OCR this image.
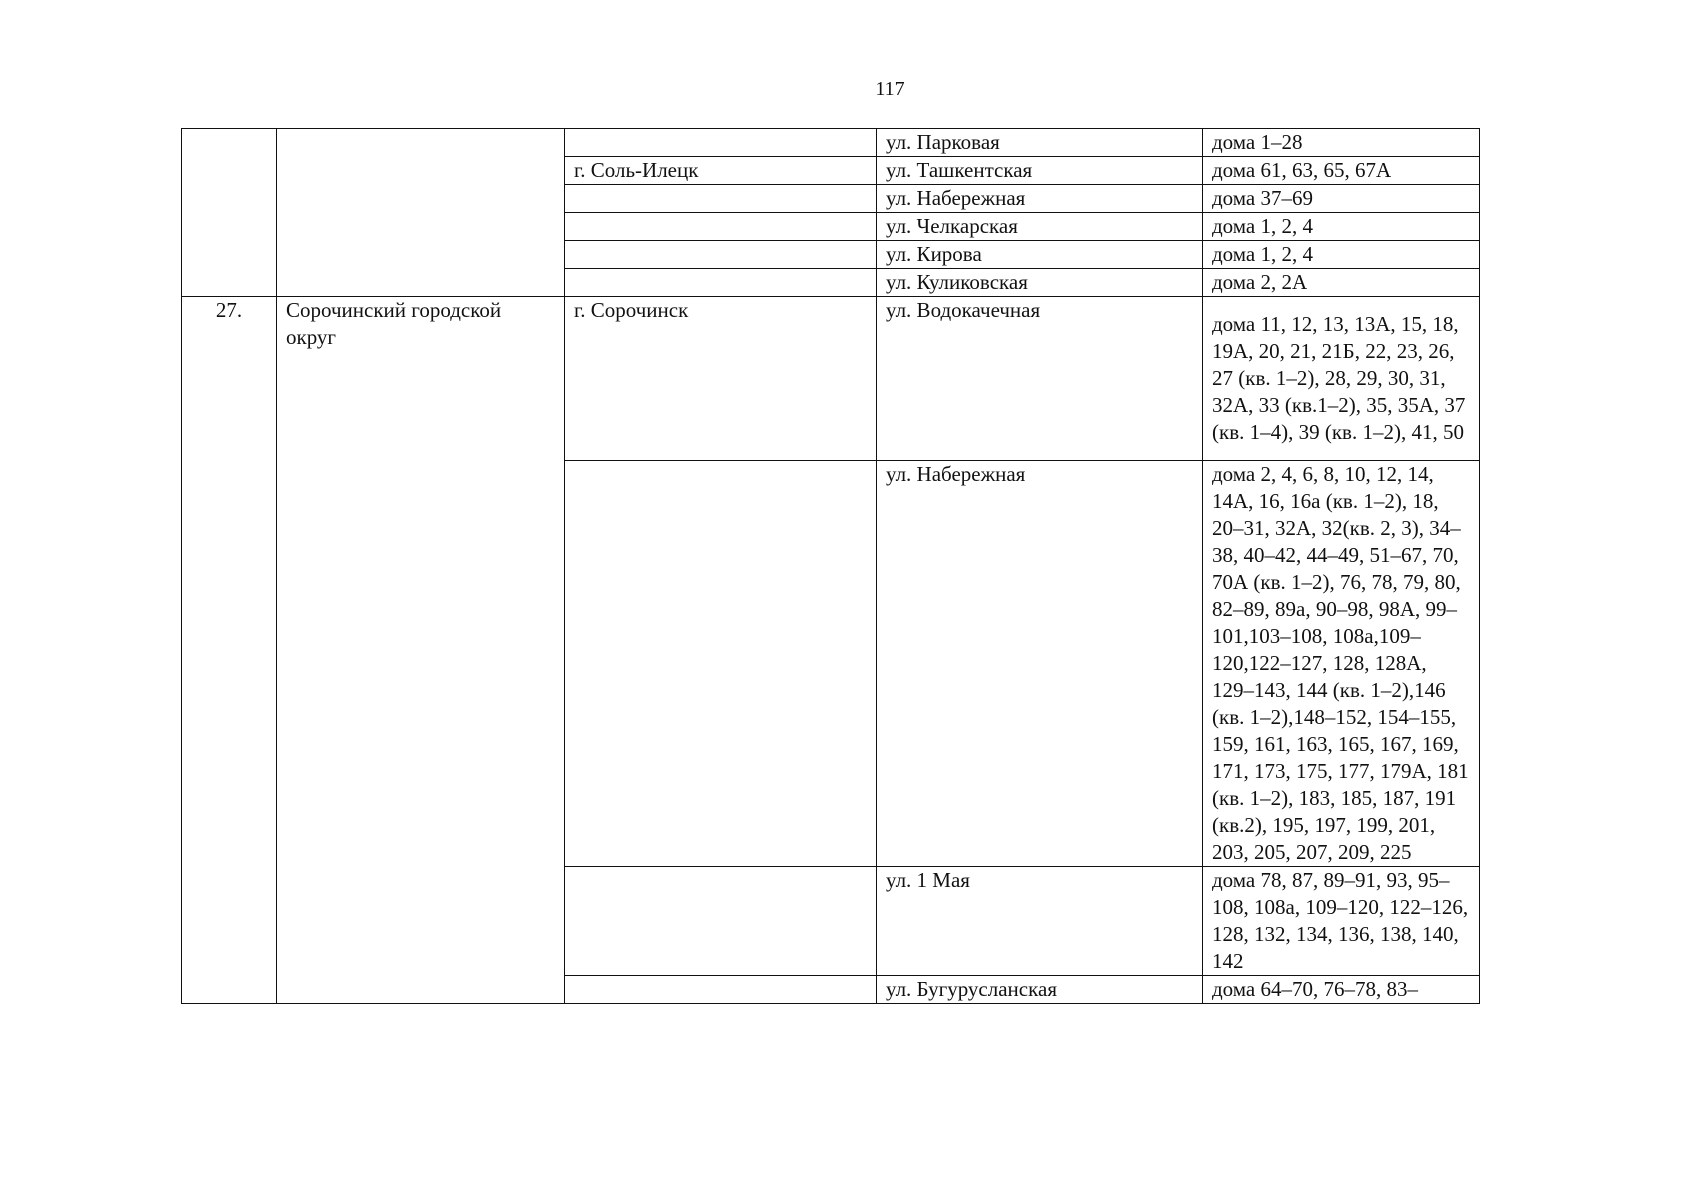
117
			ул. Парковая	дома 1–28
		г. Соль-Илецк	ул. Ташкентская	дома 61, 63, 65, 67А
			ул. Набережная	дома 37–69
			ул. Челкарская	дома 1, 2, 4
			ул. Кирова	дома 1, 2, 4
			ул. Куликовская	дома 2, 2А
27.	Сорочинский городской округ	г. Сорочинск	ул. Водокачечная	дома 11, 12, 13, 13А, 15, 18, 19А, 20, 21, 21Б, 22, 23, 26, 27 (кв. 1–2), 28, 29, 30, 31, 32А, 33 (кв.1–2), 35, 35А, 37 (кв. 1–4), 39 (кв. 1–2), 41, 50

			ул. Набережная	дома 2, 4, 6, 8, 10, 12, 14, 14А, 16, 16а (кв. 1–2), 18, 20–31, 32А, 32(кв. 2, 3), 34–38, 40–42, 44–49, 51–67, 70, 70А (кв. 1–2), 76, 78, 79, 80, 82–89, 89а, 90–98, 98А, 99–101,103–108, 108а,109–120,122–127, 128, 128А, 129–143, 144 (кв. 1–2),146 (кв. 1–2),148–152, 154–155, 159, 161, 163, 165, 167, 169, 171, 173, 175, 177, 179А, 181 (кв. 1–2), 183, 185, 187, 191 (кв.2), 195, 197, 199, 201, 203, 205, 207, 209, 225
			ул. 1 Мая	дома 78, 87, 89–91, 93, 95–108, 108а, 109–120, 122–126, 128, 132, 134, 136, 138, 140, 142
			ул. Бугурусланская	дома 64–70, 76–78, 83–
